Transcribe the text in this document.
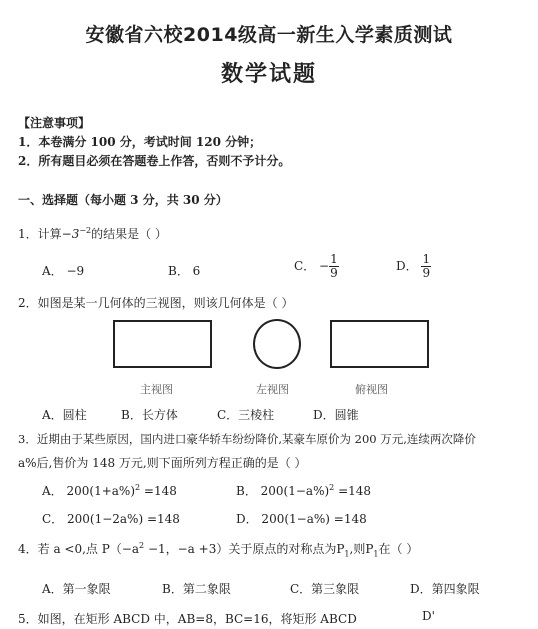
安徽省六校2014级高一新生入学素质测试
数学试题
【注意事项】
1．本卷满分 100 分，考试时间 120 分钟；
2．所有题目必须在答题卷上作答，否则不予计分。
一、选择题（每小题 3 分，共 30 分）
1．计算$-3^{-2}$的结果是（ ）
A． −9	B． 6	C． − $\frac{1}{9}$	D． $\frac{1}{9}$
2．如图是某一几何体的三视图，则该几何体是（ ）
主视图	左视图	俯视图
A．圆柱	B．长方体	C．三棱柱	D．圆锥
3．近期由于某些原因，国内进口豪华轿车纷纷降价,某豪车原价为 200 万元,连续两次降价
a%后,售价为 148 万元,则下面所列方程正确的是（ ）
A． $200(1+a\%)^2 =148$	B． $200(1-a\%)^2 =148$
C． 200(1−2a%) =148	D． 200(1−a%) =148
4．若 a <0,点 $P(-a^2 -1$，−a +3）关于原点的对称点为$P_1$,则$P_1$在（ ）
A．第一象限	B．第二象限	C．第三象限	D．第四象限
5．如图，在矩形 ABCD 中，AB=8，BC=16，将矩形 ABCD	D'
